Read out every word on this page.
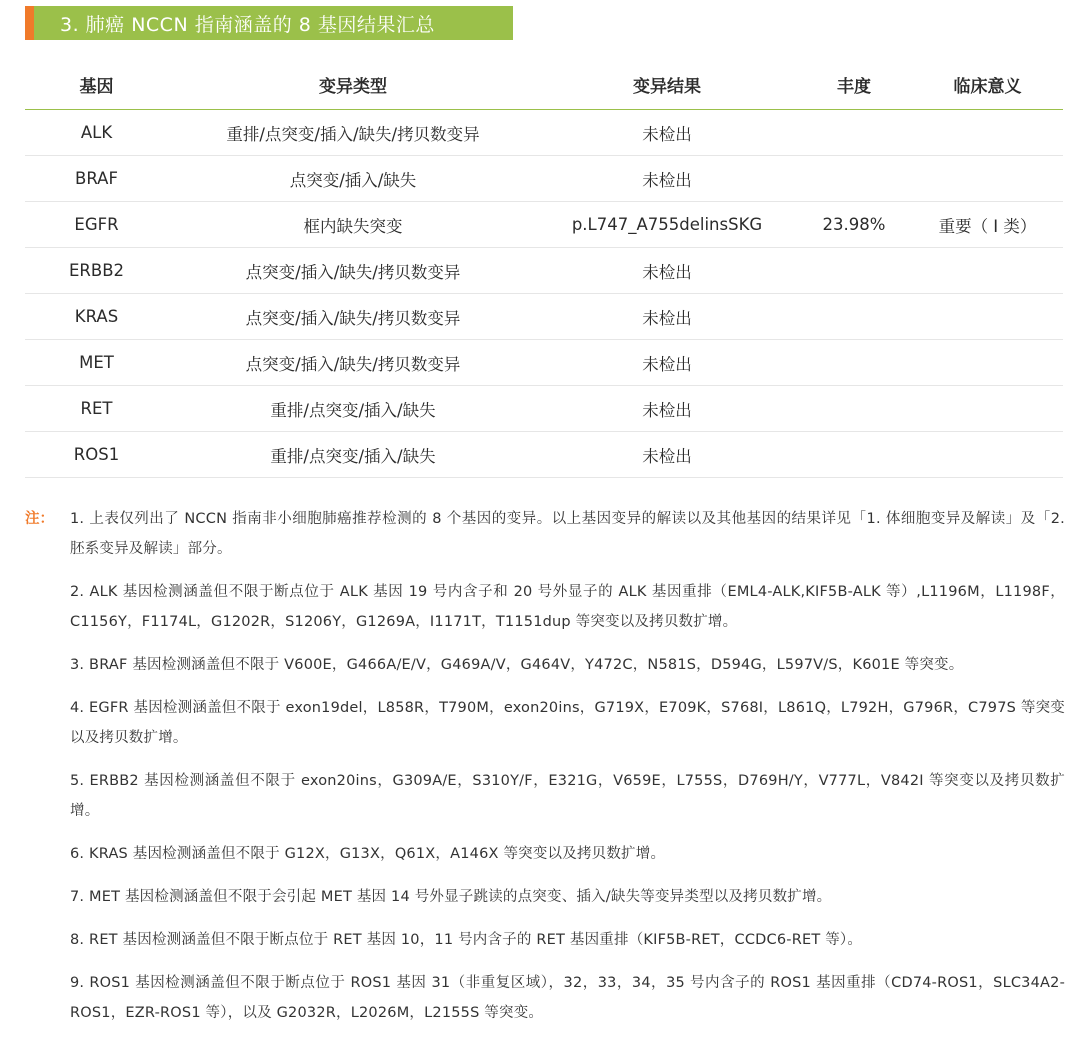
3. 肺癌 NCCN 指南涵盖的 8 基因结果汇总
基因	变异类型	变异结果	丰度	临床意义
ALK	重排/点突变/插入/缺失/拷贝数变异	未检出		
BRAF	点突变/插入/缺失	未检出		
EGFR	框内缺失突变	p.L747_A755delinsSKG	23.98%	重要（ I 类）
ERBB2	点突变/插入/缺失/拷贝数变异	未检出		
KRAS	点突变/插入/缺失/拷贝数变异	未检出		
MET	点突变/插入/缺失/拷贝数变异	未检出		
RET	重排/点突变/插入/缺失	未检出		
ROS1	重排/点突变/插入/缺失	未检出		
注：	1. 上表仅列出了 NCCN 指南非小细胞肺癌推荐检测的 8 个基因的变异。以上基因变异的解读以及其他基因的结果详见「1. 体细胞变异及解读」及「2. 胚系变异及解读」部分。

2. ALK 基因检测涵盖但不限于断点位于 ALK 基因 19 号内含子和 20 号外显子的 ALK 基因重排（EML4-ALK,KIF5B-ALK 等）,L1196M，L1198F，C1156Y，F1174L，G1202R，S1206Y，G1269A，I1171T，T1151dup 等突变以及拷贝数扩增。

3. BRAF 基因检测涵盖但不限于 V600E，G466A/E/V，G469A/V，G464V，Y472C，N581S，D594G，L597V/S，K601E 等突变。

4. EGFR 基因检测涵盖但不限于 exon19del，L858R，T790M，exon20ins，G719X，E709K，S768I，L861Q，L792H，G796R，C797S 等突变以及拷贝数扩增。

5. ERBB2 基因检测涵盖但不限于 exon20ins，G309A/E，S310Y/F，E321G，V659E，L755S，D769H/Y，V777L，V842I 等突变以及拷贝数扩增。

6. KRAS 基因检测涵盖但不限于 G12X，G13X，Q61X，A146X 等突变以及拷贝数扩增。

7. MET 基因检测涵盖但不限于会引起 MET 基因 14 号外显子跳读的点突变、插入/缺失等变异类型以及拷贝数扩增。

8. RET 基因检测涵盖但不限于断点位于 RET 基因 10，11 号内含子的 RET 基因重排（KIF5B-RET，CCDC6-RET 等）。

9. ROS1 基因检测涵盖但不限于断点位于 ROS1 基因 31（非重复区域），32，33，34，35 号内含子的 ROS1 基因重排（CD74-ROS1，SLC34A2-ROS1，EZR-ROS1 等），以及 G2032R，L2026M，L2155S 等突变。
